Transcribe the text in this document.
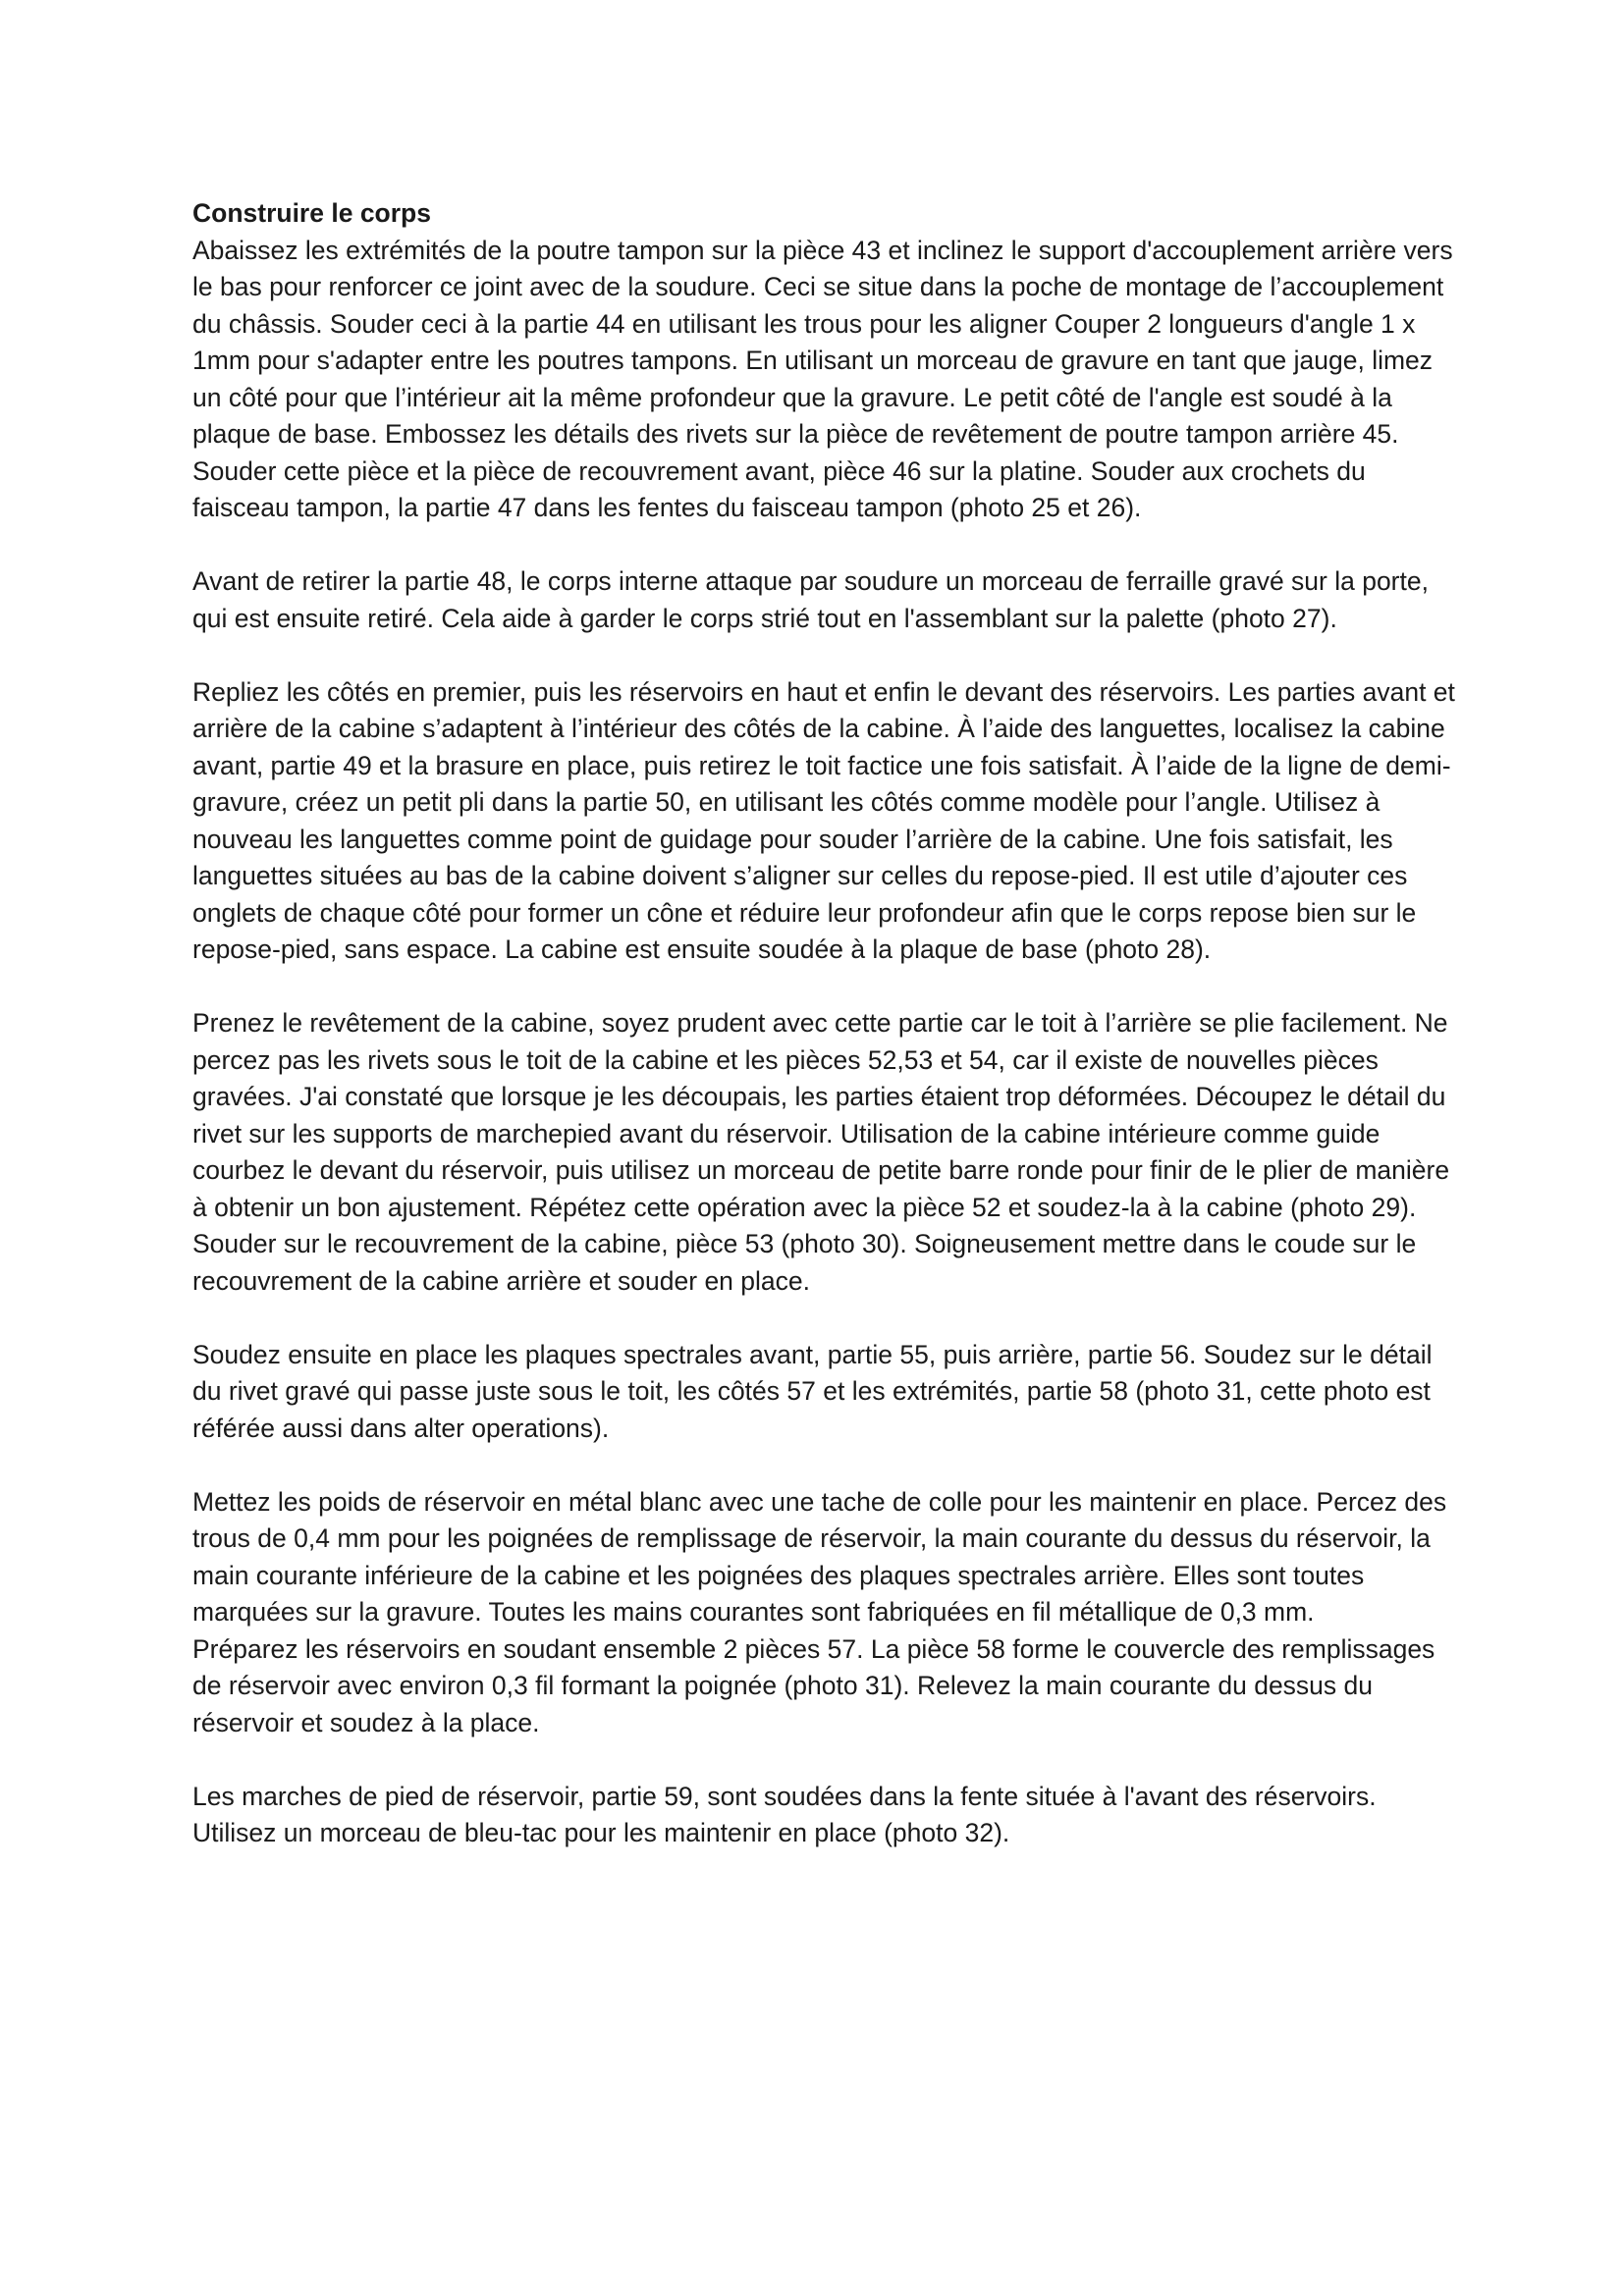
Construire le corps

Abaissez les extrémités de la poutre tampon sur la pièce 43 et inclinez le support d'accouplement arrière vers le bas pour renforcer ce joint avec de la soudure. Ceci se situe dans la poche de montage de l’accouplement du châssis. Souder ceci à la partie 44 en utilisant les trous pour les aligner Couper 2 longueurs d'angle 1 x 1mm pour s'adapter entre les poutres tampons. En utilisant un morceau de gravure en tant que jauge, limez un côté pour que l’intérieur ait la même profondeur que la gravure. Le petit côté de l'angle est soudé à la plaque de base. Embossez les détails des rivets sur la pièce de revêtement de poutre tampon arrière 45. Souder cette pièce et la pièce de recouvrement avant, pièce 46 sur la platine. Souder aux crochets du faisceau tampon, la partie 47 dans les fentes du faisceau tampon (photo 25 et 26).

Avant de retirer la partie 48, le corps interne attaque par soudure un morceau de ferraille gravé sur la porte, qui est ensuite retiré. Cela aide à garder le corps strié tout en l'assemblant sur la palette (photo 27).

Repliez les côtés en premier, puis les réservoirs en haut et enfin le devant des réservoirs. Les parties avant et arrière de la cabine s’adaptent à l’intérieur des côtés de la cabine. À l’aide des languettes, localisez la cabine avant, partie 49 et la brasure en place, puis retirez le toit factice une fois satisfait. À l’aide de la ligne de demi-gravure, créez un petit pli dans la partie 50, en utilisant les côtés comme modèle pour l’angle. Utilisez à nouveau les languettes comme point de guidage pour souder l’arrière de la cabine. Une fois satisfait, les languettes situées au bas de la cabine doivent s’aligner sur celles du repose-pied. Il est utile d’ajouter ces onglets de chaque côté pour former un cône et réduire leur profondeur afin que le corps repose bien sur le repose-pied, sans espace. La cabine est ensuite soudée à la plaque de base (photo 28).

Prenez le revêtement de la cabine, soyez prudent avec cette partie car le toit à l’arrière se plie facilement. Ne percez pas les rivets sous le toit de la cabine et les pièces 52,53 et 54, car il existe de nouvelles pièces gravées. J'ai constaté que lorsque je les découpais, les parties étaient trop déformées. Découpez le détail du rivet sur les supports de marchepied avant du réservoir. Utilisation de la cabine intérieure comme guide courbez le devant du réservoir, puis utilisez un morceau de petite barre ronde pour finir de le plier de manière à obtenir un bon ajustement. Répétez cette opération avec la pièce 52 et soudez-la à la cabine (photo 29). Souder sur le recouvrement de la cabine, pièce 53 (photo 30). Soigneusement mettre dans le coude sur le recouvrement de la cabine arrière et souder en place.

Soudez ensuite en place les plaques spectrales avant, partie 55, puis arrière, partie 56. Soudez sur le détail du rivet gravé qui passe juste sous le toit, les côtés 57 et les extrémités, partie 58 (photo 31, cette photo est référée aussi dans alter operations).

Mettez les poids de réservoir en métal blanc avec une tache de colle pour les maintenir en place. Percez des trous de 0,4 mm pour les poignées de remplissage de réservoir, la main courante du dessus du réservoir, la main courante inférieure de la cabine et les poignées des plaques spectrales arrière. Elles sont toutes marquées sur la gravure. Toutes les mains courantes sont fabriquées en fil métallique de 0,3 mm.

Préparez les réservoirs en soudant ensemble 2 pièces 57. La pièce 58 forme le couvercle des remplissages de réservoir avec environ 0,3 fil formant la poignée (photo 31). Relevez la main courante du dessus du réservoir et soudez à la place.

Les marches de pied de réservoir, partie 59, sont soudées dans la fente située à l'avant des réservoirs. Utilisez un morceau de bleu-tac pour les maintenir en place (photo 32).
